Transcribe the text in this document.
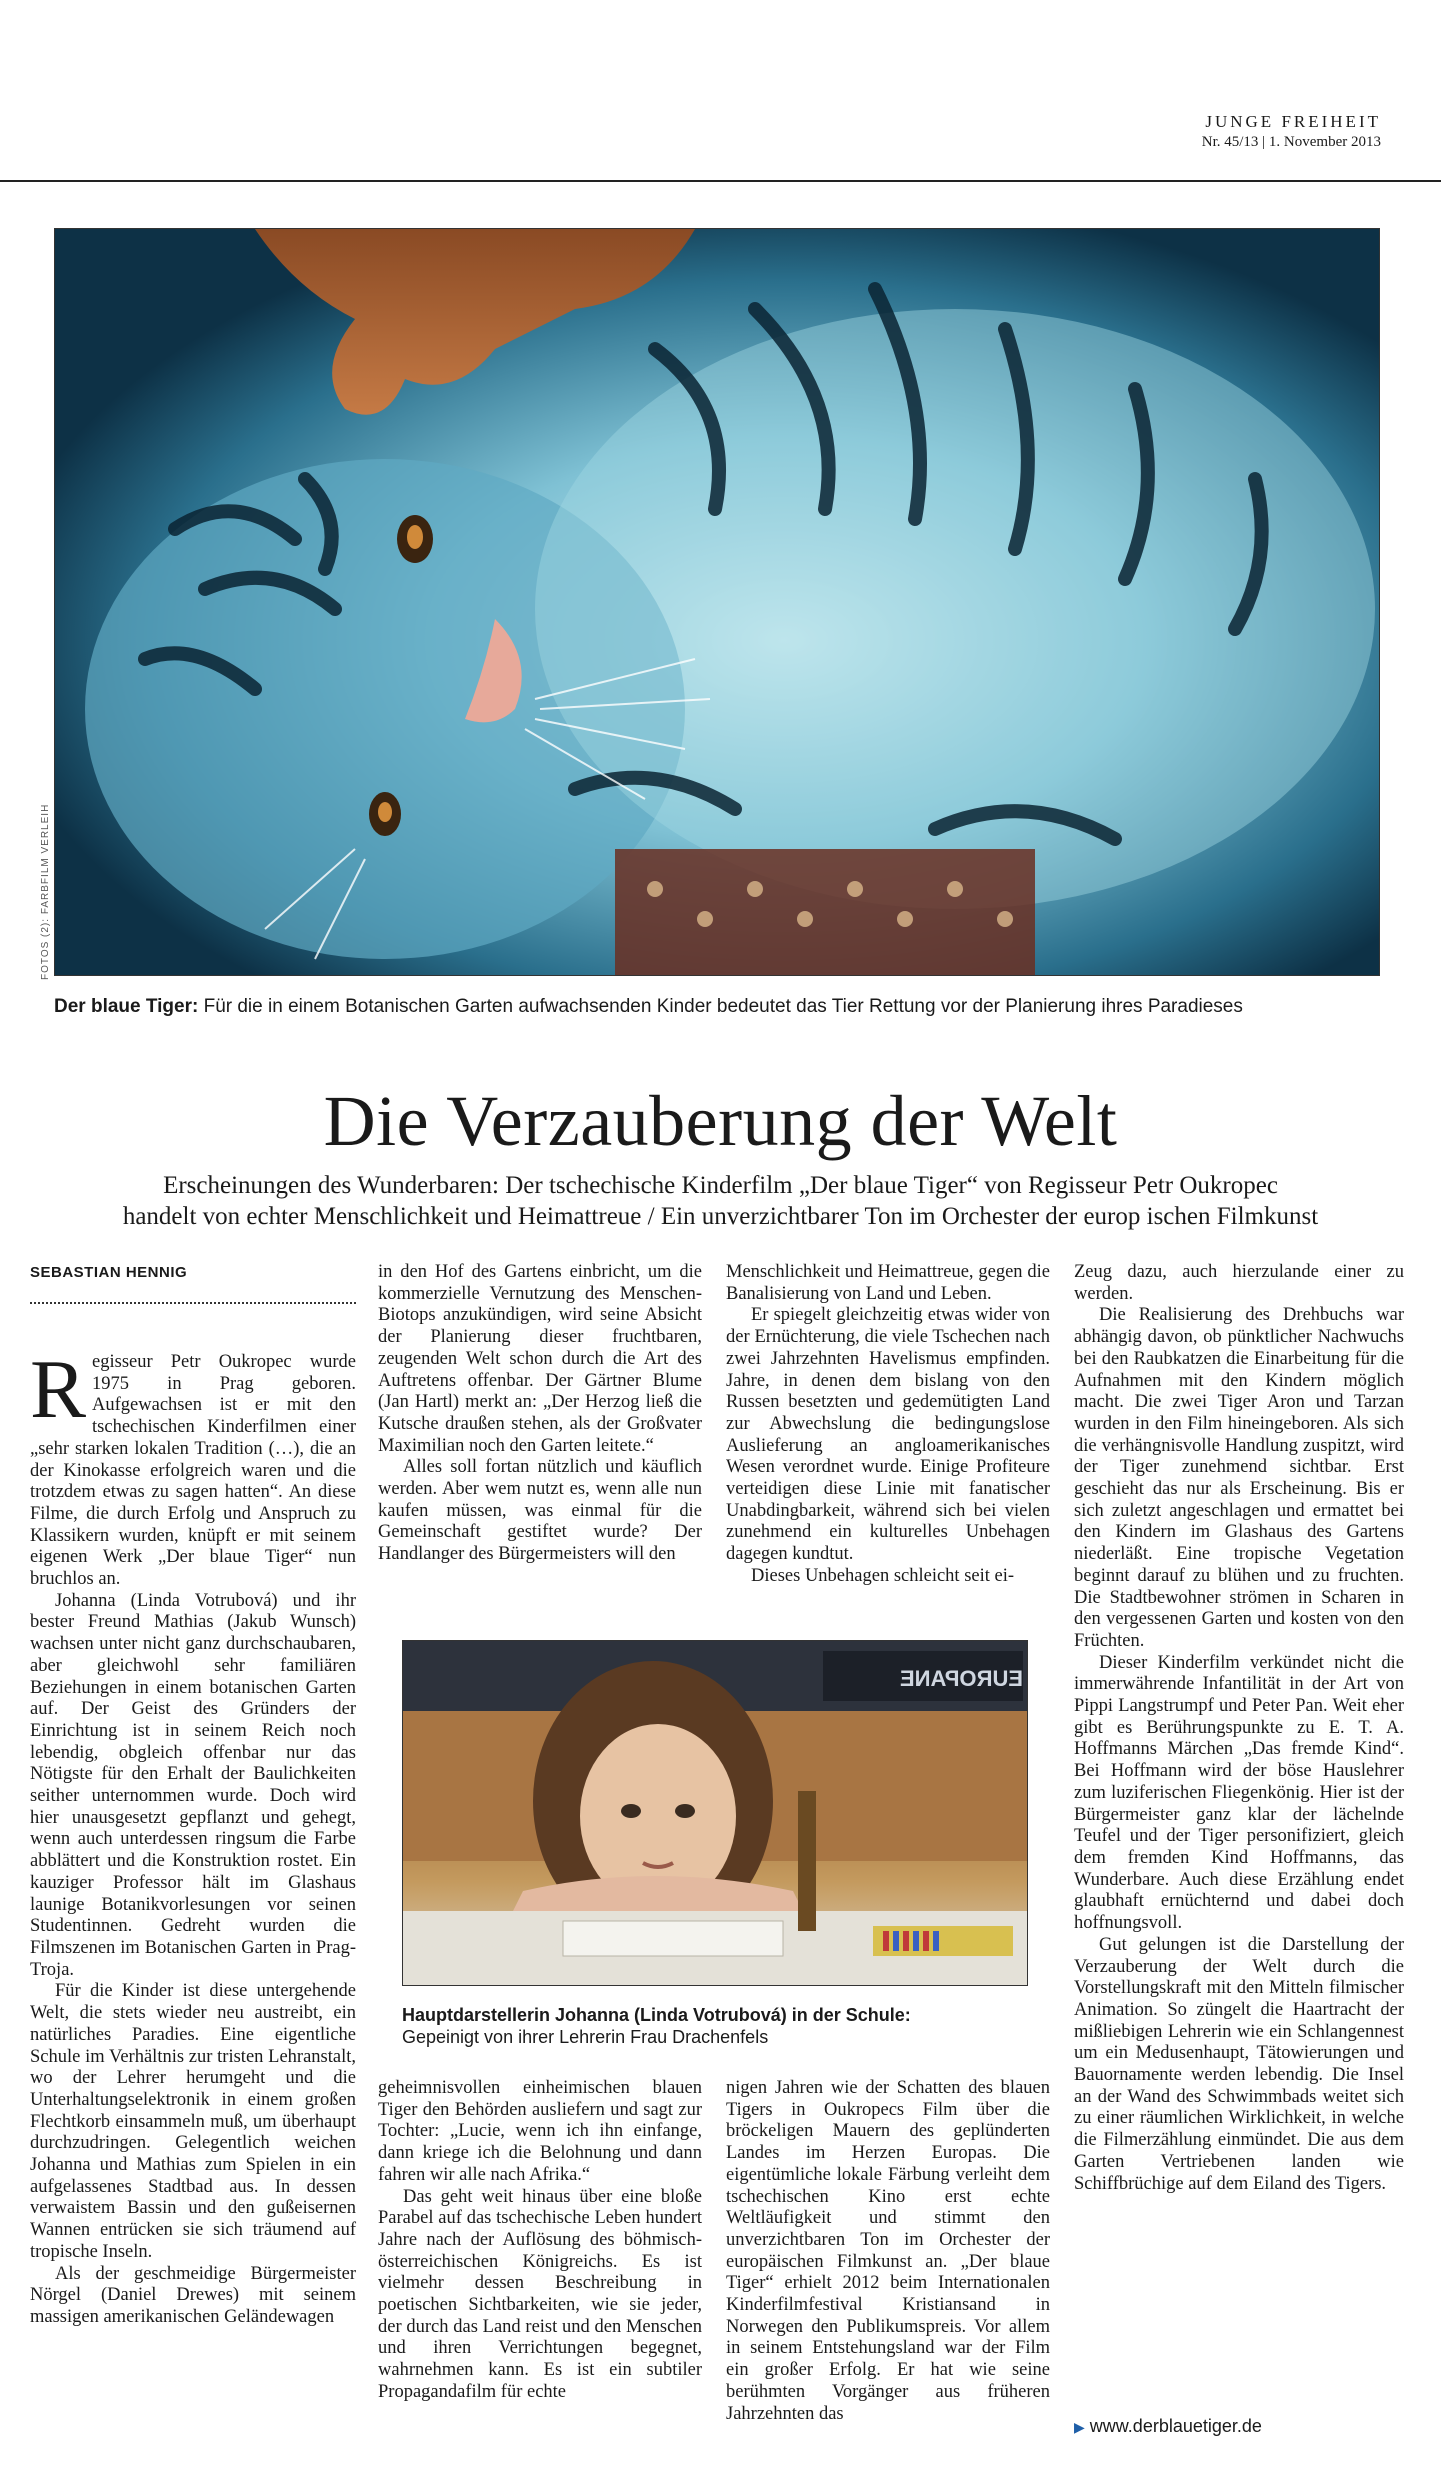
JUNGE FREIHEIT
Nr. 45/13 | 1. November 2013
FOTOS (2): FARBFILM VERLEIH
Der blaue Tiger: Für die in einem Botanischen Garten aufwachsenden Kinder bedeutet das Tier Rettung vor der Planierung ihres Paradieses
Die Verzauberung der Welt
Erscheinungen des Wunderbaren: Der tschechische Kinderfilm „Der blaue Tiger“ von Regisseur Petr Oukropec
handelt von echter Menschlichkeit und Heimattreue / Ein unverzichtbarer Ton im Orchester der europ ischen Filmkunst
SEBASTIAN HENNIG

Regisseur Petr Oukropec wurde 1975 in Prag geboren. Aufgewachsen ist er mit den tschechischen Kinderfilmen einer „sehr starken lokalen Tradition (…), die an der Kinokasse erfolgreich waren und die trotzdem etwas zu sagen hatten“. An diese Filme, die durch Erfolg und Anspruch zu Klassikern wurden, knüpft er mit seinem eigenen Werk „Der blaue Tiger“ nun bruchlos an.

Johanna (Linda Votrubová) und ihr bester Freund Mathias (Jakub Wunsch) wachsen unter nicht ganz durchschaubaren, aber gleichwohl sehr familiären Beziehungen in einem botanischen Garten auf. Der Geist des Gründers der Einrichtung ist in seinem Reich noch lebendig, obgleich offenbar nur das Nötigste für den Erhalt der Baulichkeiten seither unternommen wurde. Doch wird hier unausgesetzt gepflanzt und gehegt, wenn auch unterdessen ringsum die Farbe abblättert und die Konstruktion rostet. Ein kauziger Professor hält im Glashaus launige Botanikvorlesungen vor seinen Studentinnen. Gedreht wurden die Filmszenen im Botanischen Garten in Prag-Troja.

Für die Kinder ist diese untergehende Welt, die stets wieder neu austreibt, ein natürliches Paradies. Eine eigentliche Schule im Verhältnis zur tristen Lehranstalt, wo der Lehrer herumgeht und die Unterhaltungselektronik in einem großen Flechtkorb einsammeln muß, um überhaupt durchzudringen. Gelegentlich weichen Johanna und Mathias zum Spielen in ein aufgelassenes Stadtbad aus. In dessen verwaistem Bassin und den gußeisernen Wannen entrücken sie sich träumend auf tropische Inseln.

Als der geschmeidige Bürgermeister Nörgel (Daniel Drewes) mit seinem massigen amerikanischen Geländewagen

in den Hof des Gartens einbricht, um die kommerzielle Vernutzung des Menschen-Biotops anzukündigen, wird seine Absicht der Planierung dieser fruchtbaren, zeugenden Welt schon durch die Art des Auftretens offenbar. Der Gärtner Blume (Jan Hartl) merkt an: „Der Herzog ließ die Kutsche draußen stehen, als der Großvater Maximilian noch den Garten leitete.“

Alles soll fortan nützlich und käuflich werden. Aber wem nutzt es, wenn alle nun kaufen müssen, was einmal für die Gemeinschaft gestiftet wurde? Der Handlanger des Bürgermeisters will den

Menschlichkeit und Heimattreue, gegen die Banalisierung von Land und Leben.

Er spiegelt gleichzeitig etwas wider von der Ernüchterung, die viele Tschechen nach zwei Jahrzehnten Havelismus empfinden. Jahre, in denen dem bislang von den Russen besetzten und gedemütigten Land zur Abwechslung die bedingungslose Auslieferung an angloamerikanisches Wesen verordnet wurde. Einige Profiteure verteidigen diese Linie mit fanatischer Unabdingbarkeit, während sich bei vielen zunehmend ein kulturelles Unbehagen dagegen kundtut.

Dieses Unbehagen schleicht seit ei-

EUROPANE
Hauptdarstellerin Johanna (Linda Votrubová) in der Schule:
Gepeinigt von ihrer Lehrerin Frau Drachenfels

geheimnisvollen einheimischen blauen Tiger den Behörden ausliefern und sagt zur Tochter: „Lucie, wenn ich ihn einfange, dann kriege ich die Belohnung und dann fahren wir alle nach Afrika.“

Das geht weit hinaus über eine bloße Parabel auf das tschechische Leben hundert Jahre nach der Auflösung des böhmisch-österreichischen Königreichs. Es ist vielmehr dessen Beschreibung in poetischen Sichtbarkeiten, wie sie jeder, der durch das Land reist und den Menschen und ihren Verrichtungen begegnet, wahrnehmen kann. Es ist ein subtiler Propagandafilm für echte

nigen Jahren wie der Schatten des blauen Tigers in Oukropecs Film über die bröckeligen Mauern des geplünderten Landes im Herzen Europas. Die eigentümliche lokale Färbung verleiht dem tschechischen Kino erst echte Weltläufigkeit und stimmt den unverzichtbaren Ton im Orchester der europäischen Filmkunst an. „Der blaue Tiger“ erhielt 2012 beim Internationalen Kinderfilmfestival Kristiansand in Norwegen den Publikumspreis. Vor allem in seinem Entstehungsland war der Film ein großer Erfolg. Er hat wie seine berühmten Vorgänger aus früheren Jahrzehnten das

Zeug dazu, auch hierzulande einer zu werden.

Die Realisierung des Drehbuchs war abhängig davon, ob pünktlicher Nachwuchs bei den Raubkatzen die Einarbeitung für die Aufnahmen mit den Kindern möglich macht. Die zwei Tiger Aron und Tarzan wurden in den Film hineingeboren. Als sich die verhängnisvolle Handlung zuspitzt, wird der Tiger zunehmend sichtbar. Erst geschieht das nur als Erscheinung. Bis er sich zuletzt angeschlagen und ermattet bei den Kindern im Glashaus des Gartens niederläßt. Eine tropische Vegetation beginnt darauf zu blühen und zu fruchten. Die Stadtbewohner strömen in Scharen in den vergessenen Garten und kosten von den Früchten.

Dieser Kinderfilm verkündet nicht die immerwährende Infantilität in der Art von Pippi Langstrumpf und Peter Pan. Weit eher gibt es Berührungspunkte zu E. T. A. Hoffmanns Märchen „Das fremde Kind“. Bei Hoffmann wird der böse Hauslehrer zum luziferischen Fliegenkönig. Hier ist der Bürgermeister ganz klar der lächelnde Teufel und der Tiger personifiziert, gleich dem fremden Kind Hoffmanns, das Wunderbare. Auch diese Erzählung endet glaubhaft ernüchternd und dabei doch hoffnungsvoll.

Gut gelungen ist die Darstellung der Verzauberung der Welt durch die Vorstellungskraft mit den Mitteln filmischer Animation. So züngelt die Haartracht der mißliebigen Lehrerin wie ein Schlangennest um ein Medusenhaupt, Tätowierungen und Bauornamente werden lebendig. Die Insel an der Wand des Schwimmbads weitet sich zu einer räumlichen Wirklichkeit, in welche die Filmerzählung einmündet. Die aus dem Garten Vertriebenen landen wie Schiffbrüchige auf dem Eiland des Tigers.

▶ www.derblauetiger.de
